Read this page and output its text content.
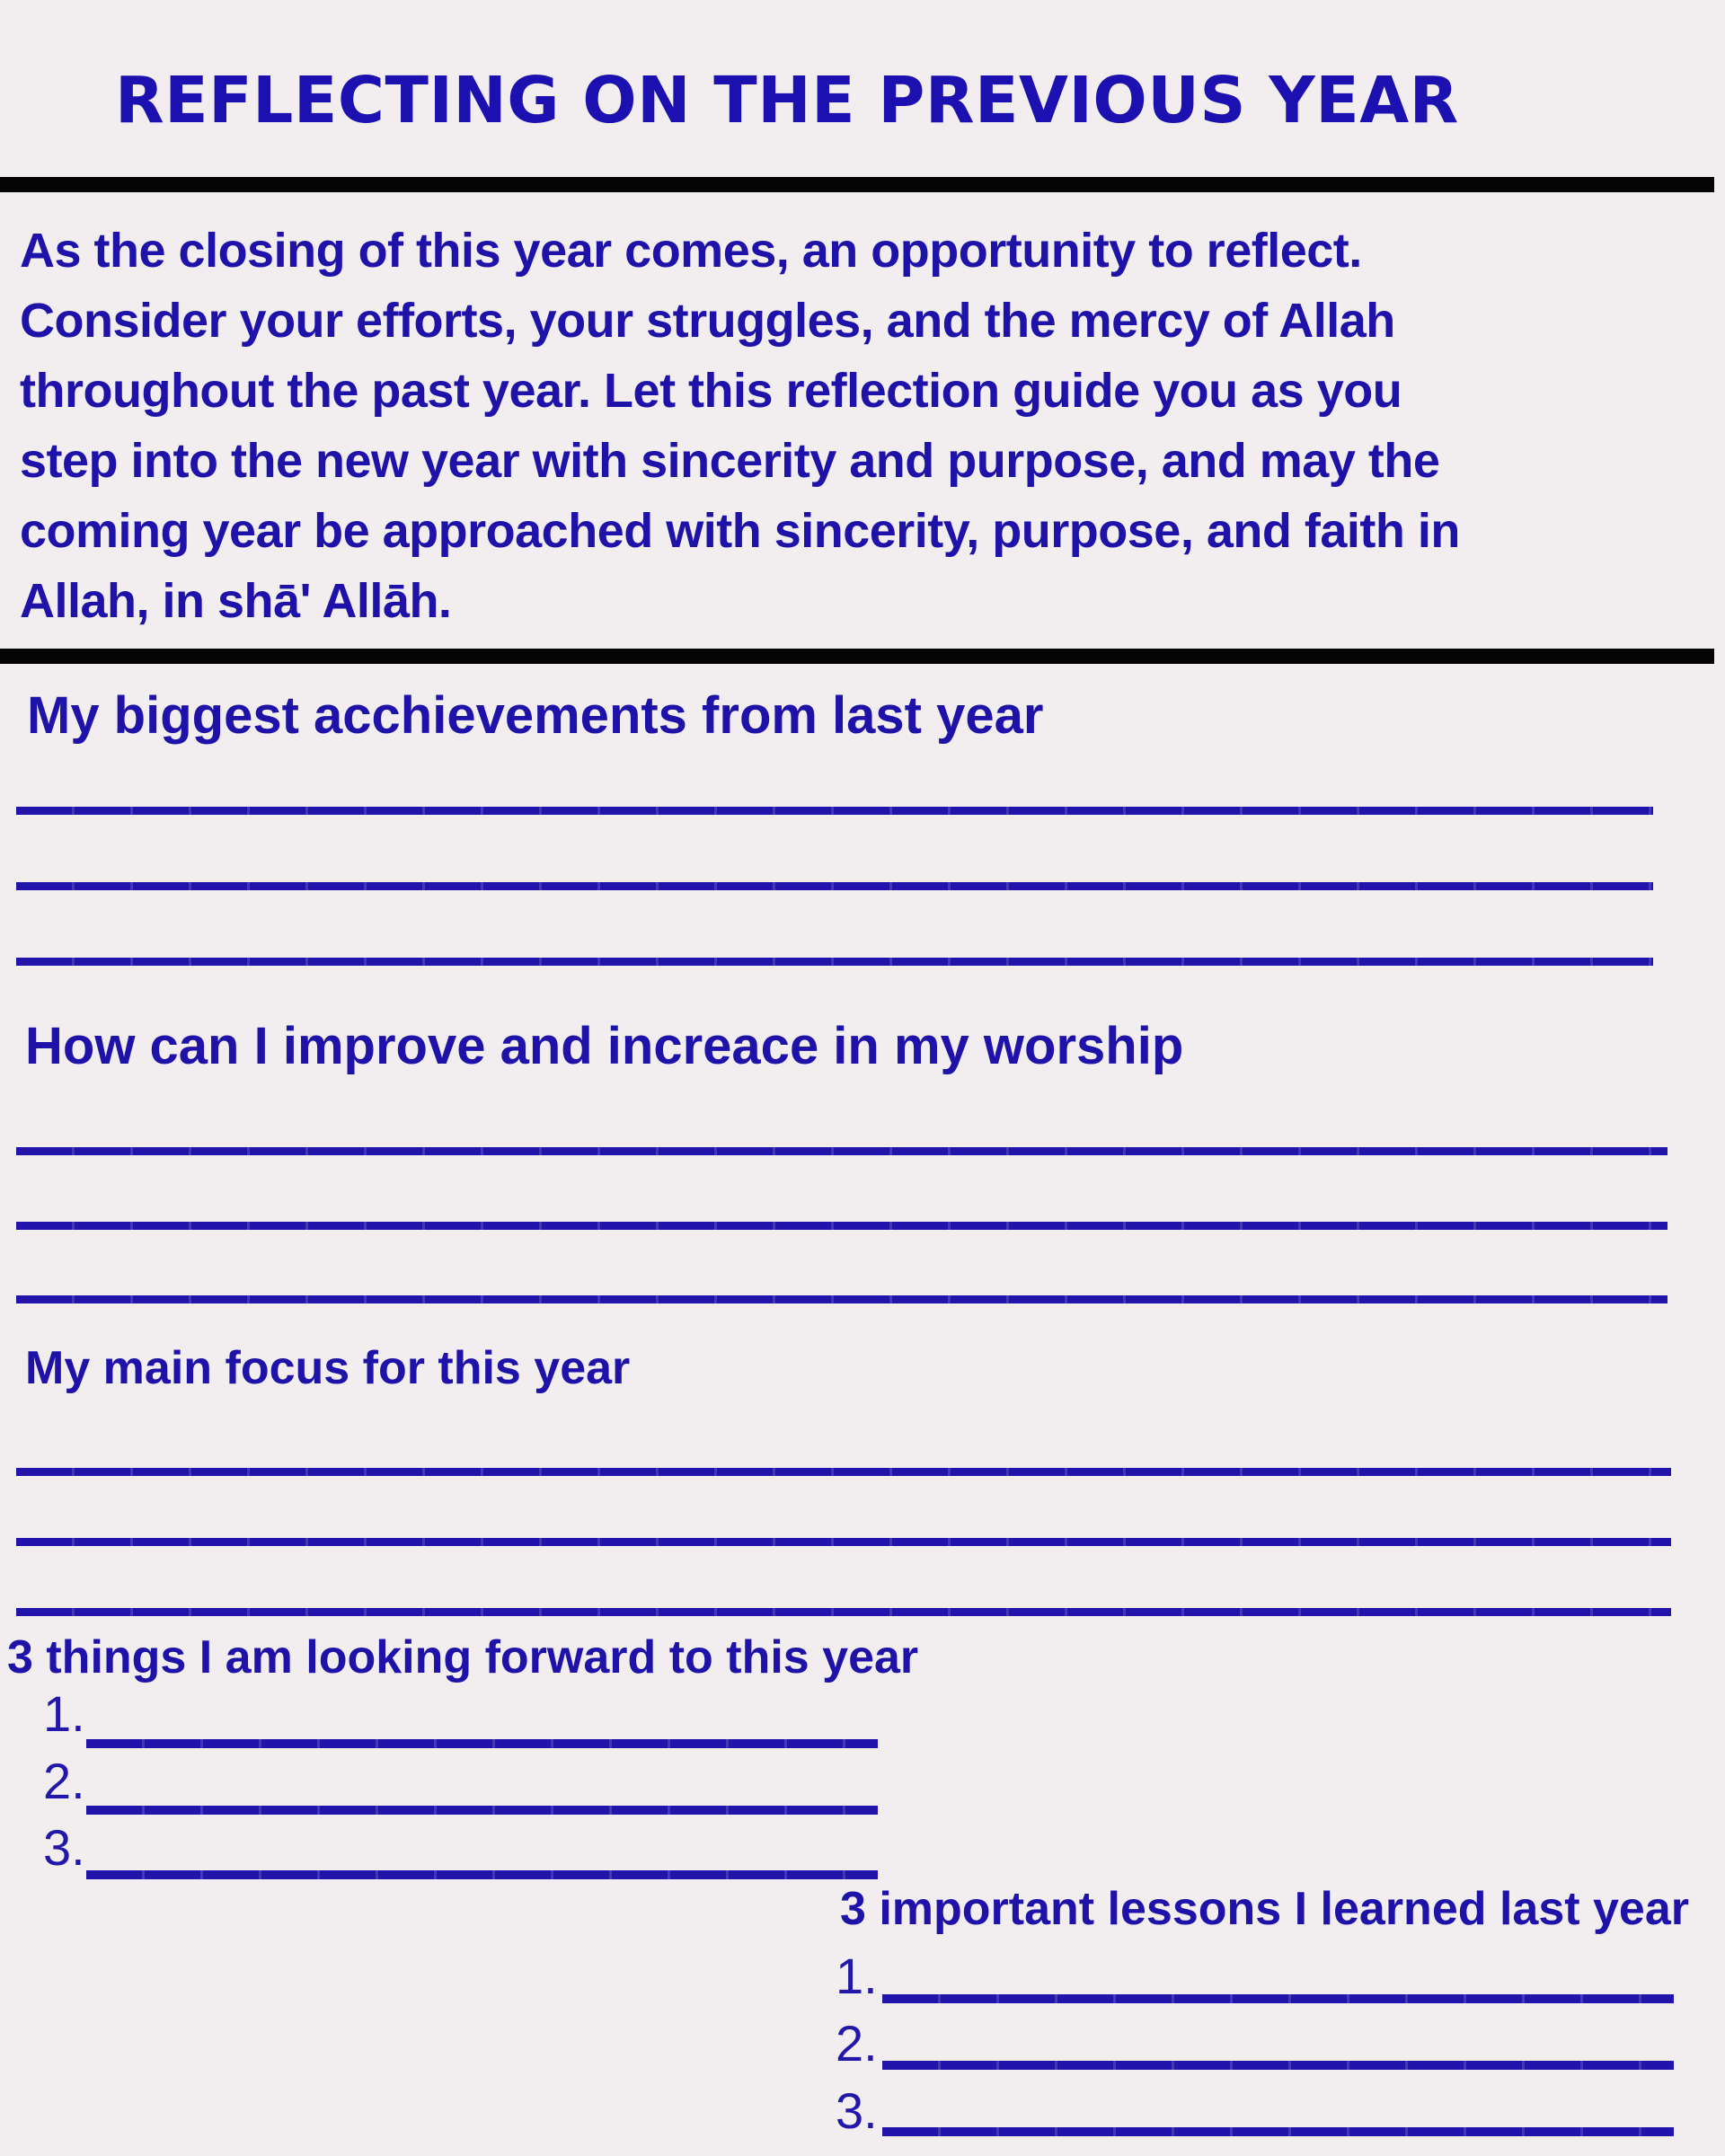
REFLECTING ON THE PREVIOUS YEAR
As the closing of this year comes, an opportunity to reflect.
Consider your efforts, your struggles, and the mercy of Allah
throughout the past year. Let this reflection guide you as you
step into the new year with sincerity and purpose, and may the
coming year be approached with sincerity, purpose, and faith in
Allah, in shā' Allāh.
My biggest acchievements from last year
How can I improve and increace in my worship
My main focus for this year
3 things I am looking forward to this year
1.
2.
3.
3 important lessons I learned last year
1.
2.
3.
